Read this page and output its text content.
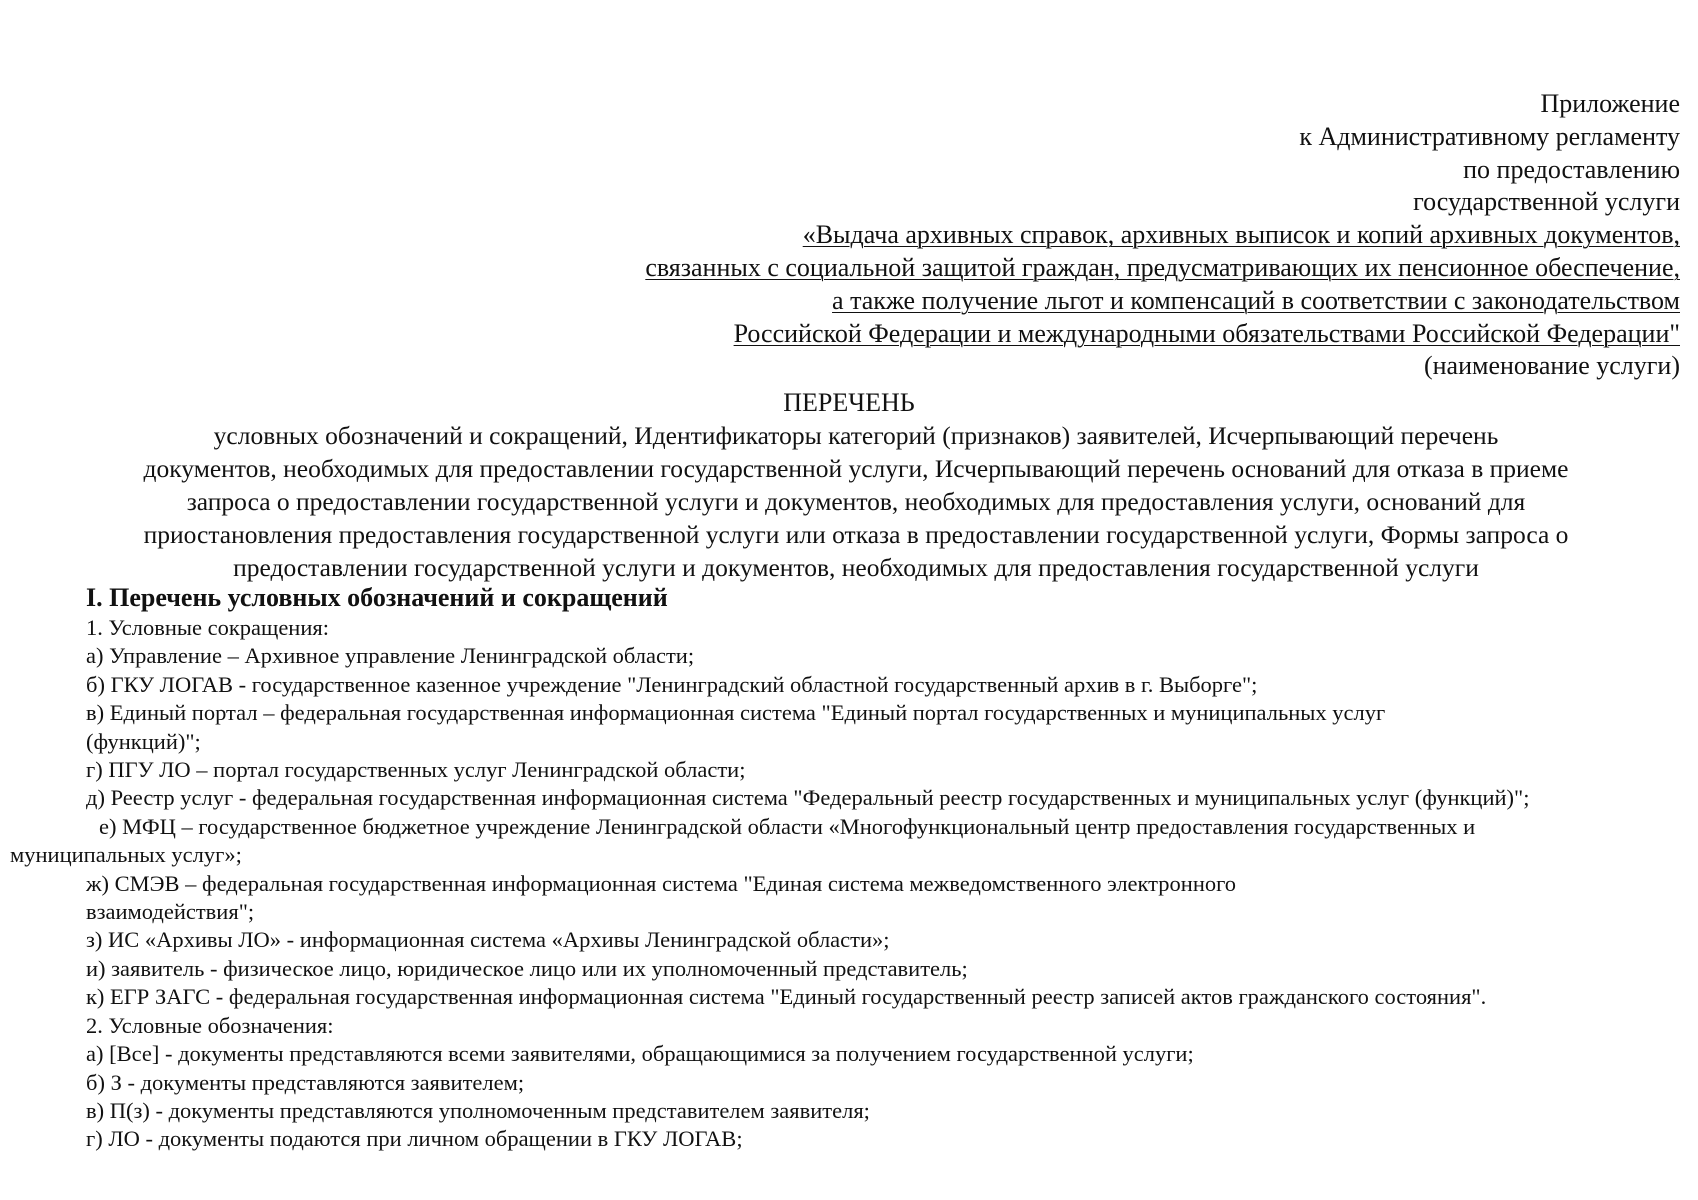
Приложение
к Административному регламенту
по предоставлению
государственной услуги
«Выдача архивных справок, архивных выписок и копий архивных документов,
связанных с социальной защитой граждан, предусматривающих их пенсионное обеспечение,
а также получение льгот и компенсаций в соответствии с законодательством
Российской Федерации и международными обязательствами Российской Федерации"
(наименование услуги)
ПЕРЕЧЕНЬ
условных обозначений и сокращений, Идентификаторы категорий (признаков) заявителей, Исчерпывающий перечень
документов, необходимых для предоставлении государственной услуги, Исчерпывающий перечень оснований для отказа в приеме
запроса о предоставлении государственной услуги и документов, необходимых для предоставления услуги, оснований для
приостановления предоставления государственной услуги или отказа в предоставлении государственной услуги, Формы запроса о
предоставлении государственной услуги и документов, необходимых для предоставления государственной услуги
I. Перечень условных обозначений и сокращений
1. Условные сокращения:
а) Управление – Архивное управление Ленинградской области;
б) ГКУ ЛОГАВ - государственное казенное учреждение "Ленинградский областной государственный архив в г. Выборге";
в) Единый портал – федеральная государственная информационная система "Единый портал государственных и муниципальных услуг
(функций)";
г) ПГУ ЛО – портал государственных услуг Ленинградской области;
д) Реестр услуг - федеральная государственная информационная система "Федеральный реестр государственных и муниципальных услуг (функций)";
е) МФЦ – государственное бюджетное учреждение Ленинградской области «Многофункциональный центр предоставления государственных и
муниципальных услуг»;
ж) СМЭВ – федеральная государственная информационная система "Единая система межведомственного электронного
взаимодействия";
з) ИС «Архивы ЛО» - информационная система «Архивы Ленинградской области»;
и) заявитель - физическое лицо, юридическое лицо или их уполномоченный представитель;
к) ЕГР ЗАГС - федеральная государственная информационная система "Единый государственный реестр записей актов гражданского состояния".
2. Условные обозначения:
а) [Все] - документы представляются всеми заявителями, обращающимися за получением государственной услуги;
б) З - документы представляются заявителем;
в) П(з) - документы представляются уполномоченным представителем заявителя;
г) ЛО - документы подаются при личном обращении в ГКУ ЛОГАВ;
